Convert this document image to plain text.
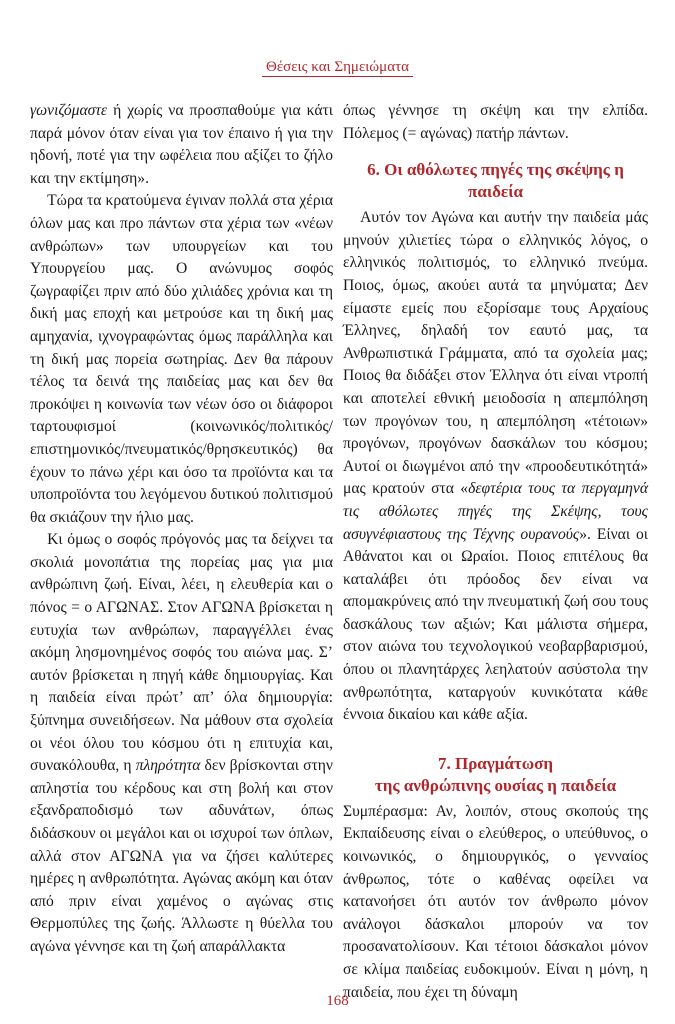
Θέσεις και Σημειώματα

γωνιζόμαστε ή χωρίς να προσπαθούμε για κάτι παρά μόνον όταν είναι για τον έπαινο ή για την ηδονή, ποτέ για την ωφέλεια που αξίζει το ζήλο και την εκτίμηση».

Τώρα τα κρατούμενα έγιναν πολλά στα χέρια όλων μας και προ πάντων στα χέρια των «νέων ανθρώπων» των υπουργείων και του Υπουργείου μας. Ο ανώνυμος σοφός ζωγραφίζει πριν από δύο χιλιάδες χρόνια και τη δική μας εποχή και μετρούσε και τη δική μας αμηχανία, ιχνογραφώντας όμως παράλληλα και τη δική μας πορεία σωτηρίας. Δεν θα πάρουν τέλος τα δεινά της παιδείας μας και δεν θα προκόψει η κοινωνία των νέων όσο οι διάφοροι ταρτουφισμοί (κοινωνικός/πολιτικός/επιστημονικός/πνευματικός/θρησκευτικός) θα έχουν το πάνω χέρι και όσο τα προϊόντα και τα υποπροϊόντα του λεγόμενου δυτικού πολιτισμού θα σκιάζουν την ήλιο μας.

Κι όμως ο σοφός πρόγονός μας τα δείχνει τα σκολιά μονοπάτια της πορείας μας για μια ανθρώπινη ζωή. Είναι, λέει, η ελευθερία και ο πόνος = ο ΑΓΩΝΑΣ. Στον ΑΓΩΝΑ βρίσκεται η ευτυχία των ανθρώπων, παραγγέλλει ένας ακόμη λησμονημένος σοφός του αιώνα μας. Σ’ αυτόν βρίσκεται η πηγή κάθε δημιουργίας. Και η παιδεία είναι πρώτ’ απ’ όλα δημιουργία: ξύπνημα συνειδήσεων. Να μάθουν στα σχολεία οι νέοι όλου του κόσμου ότι η επιτυχία και, συνακόλουθα, η πληρότητα δεν βρίσκονται στην απληστία του κέρδους και στη βολή και στον εξανδραποδισμό των αδυνάτων, όπως διδάσκουν οι μεγάλοι και οι ισχυροί των όπλων, αλλά στον ΑΓΩΝΑ για να ζήσει καλύτερες ημέρες η ανθρωπότητα. Αγώνας ακόμη και όταν από πριν είναι χαμένος ο αγώνας στις Θερμοπύλες της ζωής. Άλλωστε η θύελλα του αγώνα γέννησε και τη ζωή απαράλλακτα

όπως γέννησε τη σκέψη και την ελπίδα. Πόλεμος (= αγώνας) πατήρ πάντων.

6. Οι αθόλωτες πηγές της σκέψης η παιδεία

Αυτόν τον Αγώνα και αυτήν την παιδεία μάς μηνούν χιλιετίες τώρα ο ελληνικός λόγος, ο ελληνικός πολιτισμός, το ελληνικό πνεύμα. Ποιος, όμως, ακούει αυτά τα μηνύματα; Δεν είμαστε εμείς που εξορίσαμε τους Αρχαίους Έλληνες, δηλαδή τον εαυτό μας, τα Ανθρωπιστικά Γράμματα, από τα σχολεία μας; Ποιος θα διδάξει στον Έλληνα ότι είναι ντροπή και αποτελεί εθνική μειοδοσία η απεμπόληση των προγόνων του, η απεμπόληση «τέτοιων» προγόνων, προγόνων δασκάλων του κόσμου; Αυτοί οι διωγμένοι από την «προοδευτικότητά» μας κρατούν στα «δεφτέρια τους τα περγαμηνά τις αθόλωτες πηγές της Σκέψης, τους ασυγνέφιαστους της Τέχνης ουρανούς». Είναι οι Αθάνατοι και οι Ωραίοι. Ποιος επιτέλους θα καταλάβει ότι πρόοδος δεν είναι να απομακρύνεις από την πνευματική ζωή σου τους δασκάλους των αξιών; Και μάλιστα σήμερα, στον αιώνα του τεχνολογικού νεοβαρβαρισμού, όπου οι πλανητάρχες λεηλατούν ασύστολα την ανθρωπότητα, καταργούν κυνικότατα κάθε έννοια δικαίου και κάθε αξία.

7. Πραγμάτωση
της ανθρώπινης ουσίας η παιδεία

Συμπέρασμα: Αν, λοιπόν, στους σκοπούς της Εκπαίδευσης είναι ο ελεύθερος, ο υπεύθυνος, ο κοινωνικός, ο δημιουργικός, ο γενναίος άνθρωπος, τότε ο καθένας οφείλει να κατανοήσει ότι αυτόν τον άνθρωπο μόνον ανάλογοι δάσκαλοι μπορούν να τον προσανατολίσουν. Και τέτοιοι δάσκαλοι μόνον σε κλίμα παιδείας ευδοκιμούν. Είναι η μόνη, η παιδεία, που έχει τη δύναμη

168
